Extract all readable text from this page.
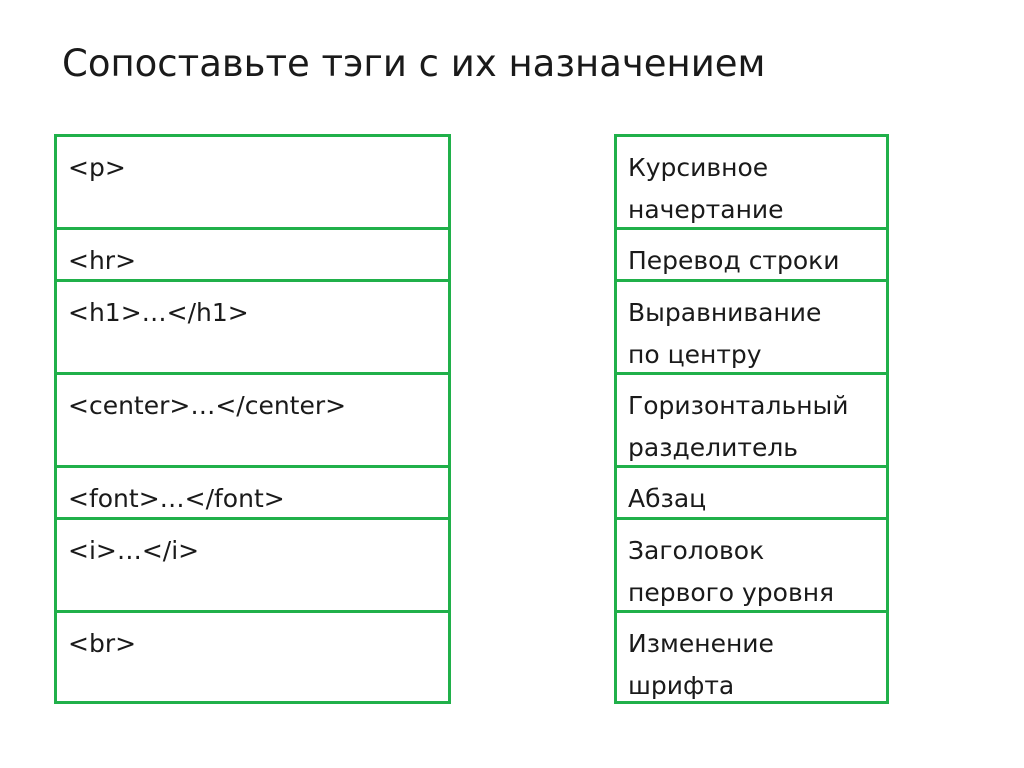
Сопоставьте тэги с их назначением
<p>
<hr>
<h1>…</h1>
<center>…</center>
<font>…</font>
<i>…</i>
<br>
Курсивное
начертание
Перевод строки
Выравнивание
по центру
Горизонтальный
разделитель
Абзац
Заголовок
первого уровня
Изменение
шрифта
